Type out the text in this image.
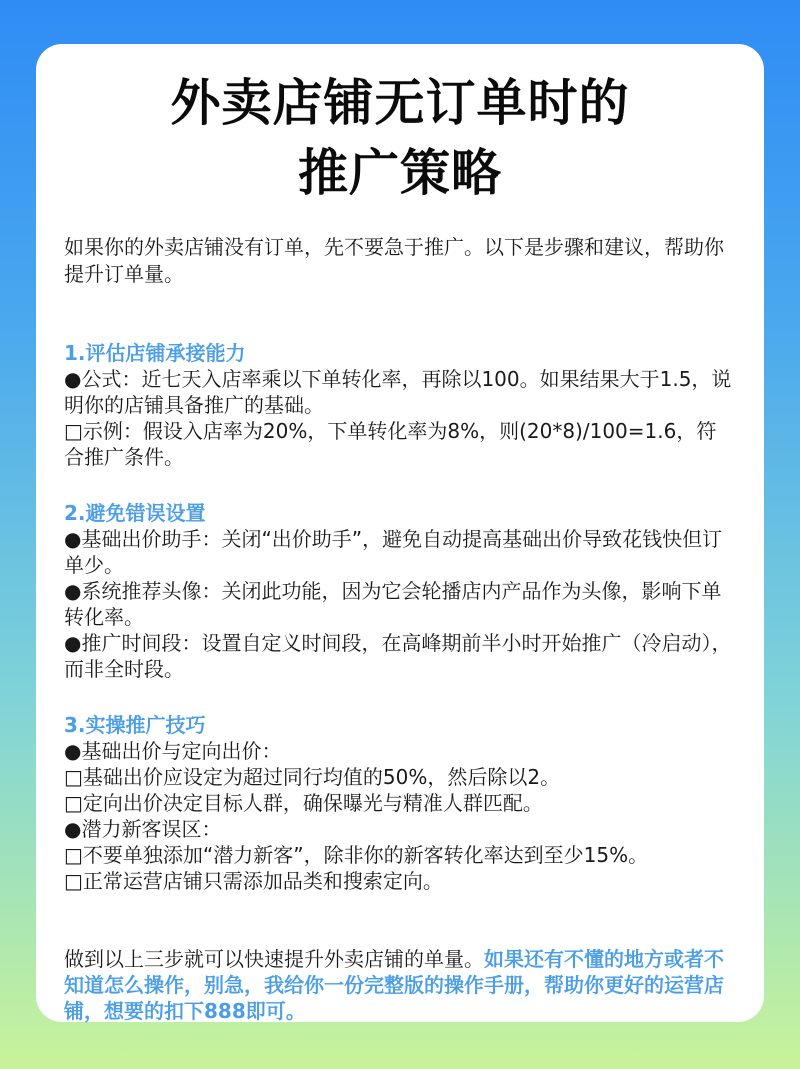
外卖店铺无订单时的
推广策略

如果你的外卖店铺没有订单，先不要急于推广。以下是步骤和建议，帮助你提升订单量。

1.评估店铺承接能力
●公式：近七天入店率乘以下单转化率，再除以100。如果结果大于1.5，说明你的店铺具备推广的基础。
□示例：假设入店率为20%，下单转化率为8%，则(20*8)/100=1.6，符合推广条件。
2.避免错误设置
●基础出价助手：关闭“出价助手”，避免自动提高基础出价导致花钱快但订单少。
●系统推荐头像：关闭此功能，因为它会轮播店内产品作为头像，影响下单转化率。
●推广时间段：设置自定义时间段，在高峰期前半小时开始推广（冷启动），而非全时段。
3.实操推广技巧
●基础出价与定向出价：
□基础出价应设定为超过同行均值的50%，然后除以2。
□定向出价决定目标人群，确保曝光与精准人群匹配。
●潜力新客误区：
□不要单独添加“潜力新客”，除非你的新客转化率达到至少15%。
□正常运营店铺只需添加品类和搜索定向。

做到以上三步就可以快速提升外卖店铺的单量。如果还有不懂的地方或者不知道怎么操作，别急，我给你一份完整版的操作手册，帮助你更好的运营店铺，想要的扣下888即可。
